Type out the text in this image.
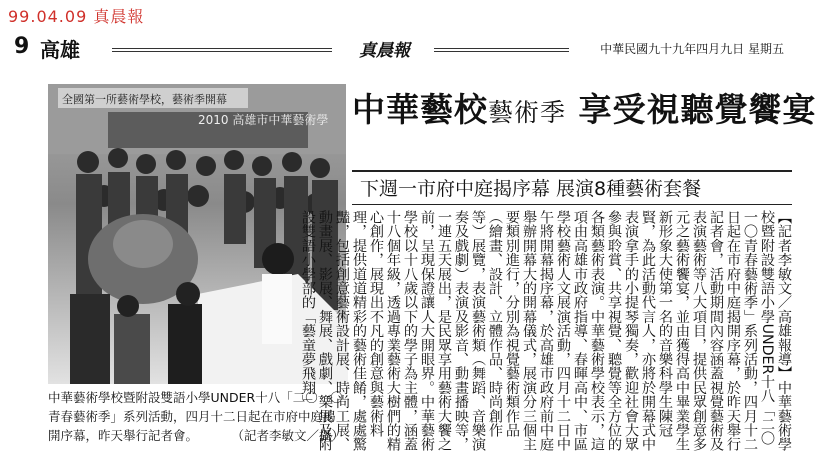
99.04.09 真晨報
9 高雄	真晨報	中華民國九十九年四月九日 星期五
全國第一所藝術學校，藝術季開幕
2010 高雄市中華藝術學 中華藝校藝術季 享受視聽覺饗宴
下週一市府中庭揭序幕 展演8種藝術套餐
【記者李敏文／高雄報導】中華藝術學校暨附設雙語小學UNDER十八「二〇一〇青春藝術季」系列活動，四月十二日起在市府中庭揭開序幕，於昨天舉行記者會，活動期間內容涵蓋視覺藝術及表演藝術等八大項目，提供民眾創意多元之藝術饗宴，並由獲得高中畢業學生新形象大使第一名的音樂科學生陳冠賢，為此活動代言人，亦將於開幕式中表演拿手的小提琴獨奏，歡迎社會大眾參與聆賞、共享視覺、聽覺等全方位的各類藝術表演。中華藝術學校表示，這項由高雄市政府指導、春暉高中、市區學校藝術人文展演活動，四月十二日中午將開幕揭序幕，於高雄市政府前中庭舉辦開幕大的開幕儀式，展演分三個主要類別進行，分別為視覺藝術類作品（繪畫、設計、立體作品、時尚創作等）展覽，表演藝術類（舞蹈、音樂演奏及戲劇）表演及影音、動畫播映等，一連五天展出，是民眾享用藝術大饗之前，呈現保證讓人大開眼界。中華藝術學校以十八歲以下的學子為主體，涵蓋十八個年級，透過專業藝術大樹們的精心創作，展現出不凡的創意與藝術料理，提供道道精彩的藝術佳餚，處處驚豔，包括創意藝術設計展、時尚工展、動畫展、影展、舞展、戲劇、樂展及附設雙語小學部的「藝童夢飛翔」
中華藝術學校暨附設雙語小學UNDER十八「二〇一〇青春藝術季」系列活動，四月十二日起在市府中庭揭開序幕，昨天舉行記者會。	（記者李敏文／攝）
